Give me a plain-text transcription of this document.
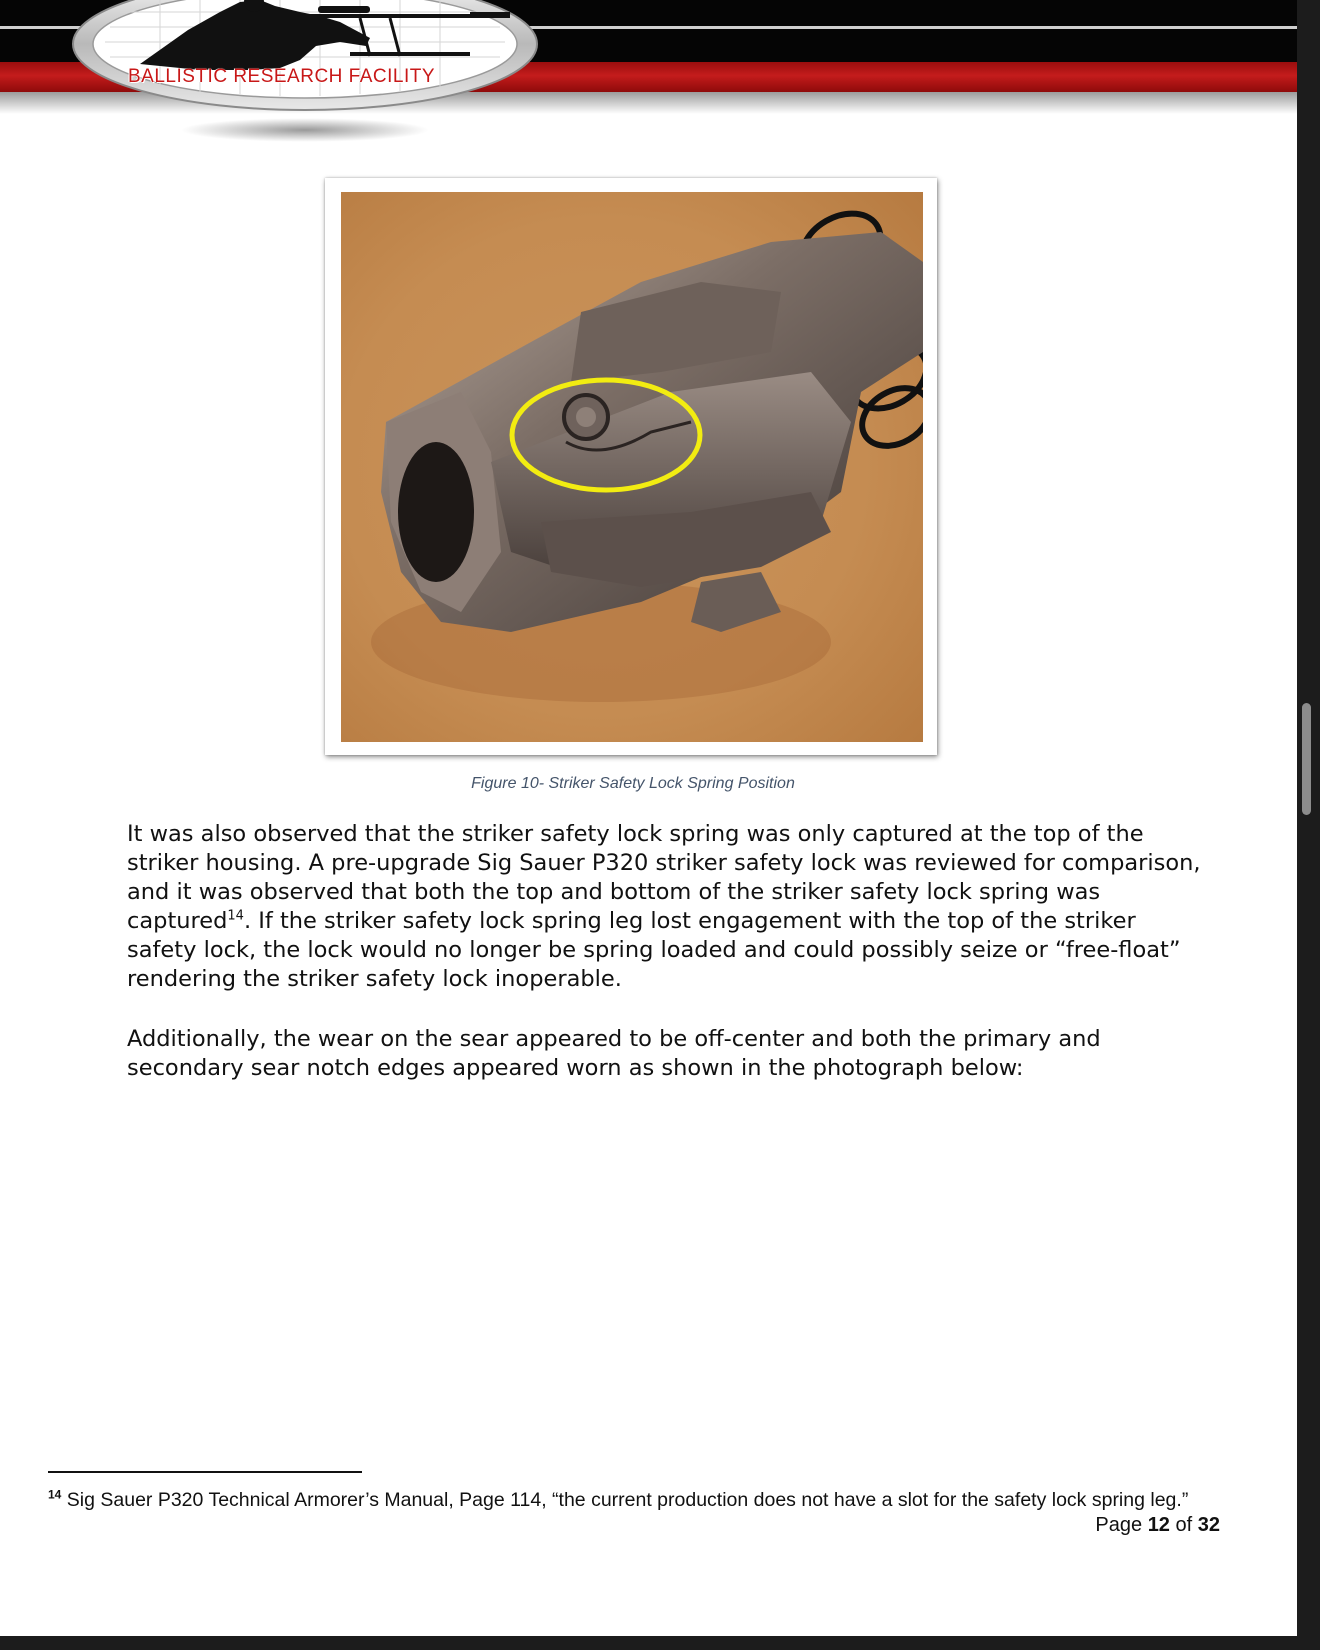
BALLISTIC RESEARCH FACILITY
Figure 10- Striker Safety Lock Spring Position
It was also observed that the striker safety lock spring was only captured at the top of the
striker housing. A pre-upgrade Sig Sauer P320 striker safety lock was reviewed for comparison,
and it was observed that both the top and bottom of the striker safety lock spring was
captured$^{14}$. If the striker safety lock spring leg lost engagement with the top of the striker
safety lock, the lock would no longer be spring loaded and could possibly seize or “free-float”
rendering the striker safety lock inoperable.
Additionally, the wear on the sear appeared to be off-center and both the primary and
secondary sear notch edges appeared worn as shown in the photograph below:
$^{14}$ Sig Sauer P320 Technical Armorer’s Manual, Page 114, “the current production does not have a slot for the safety lock spring leg.”
Page 12 of 32
